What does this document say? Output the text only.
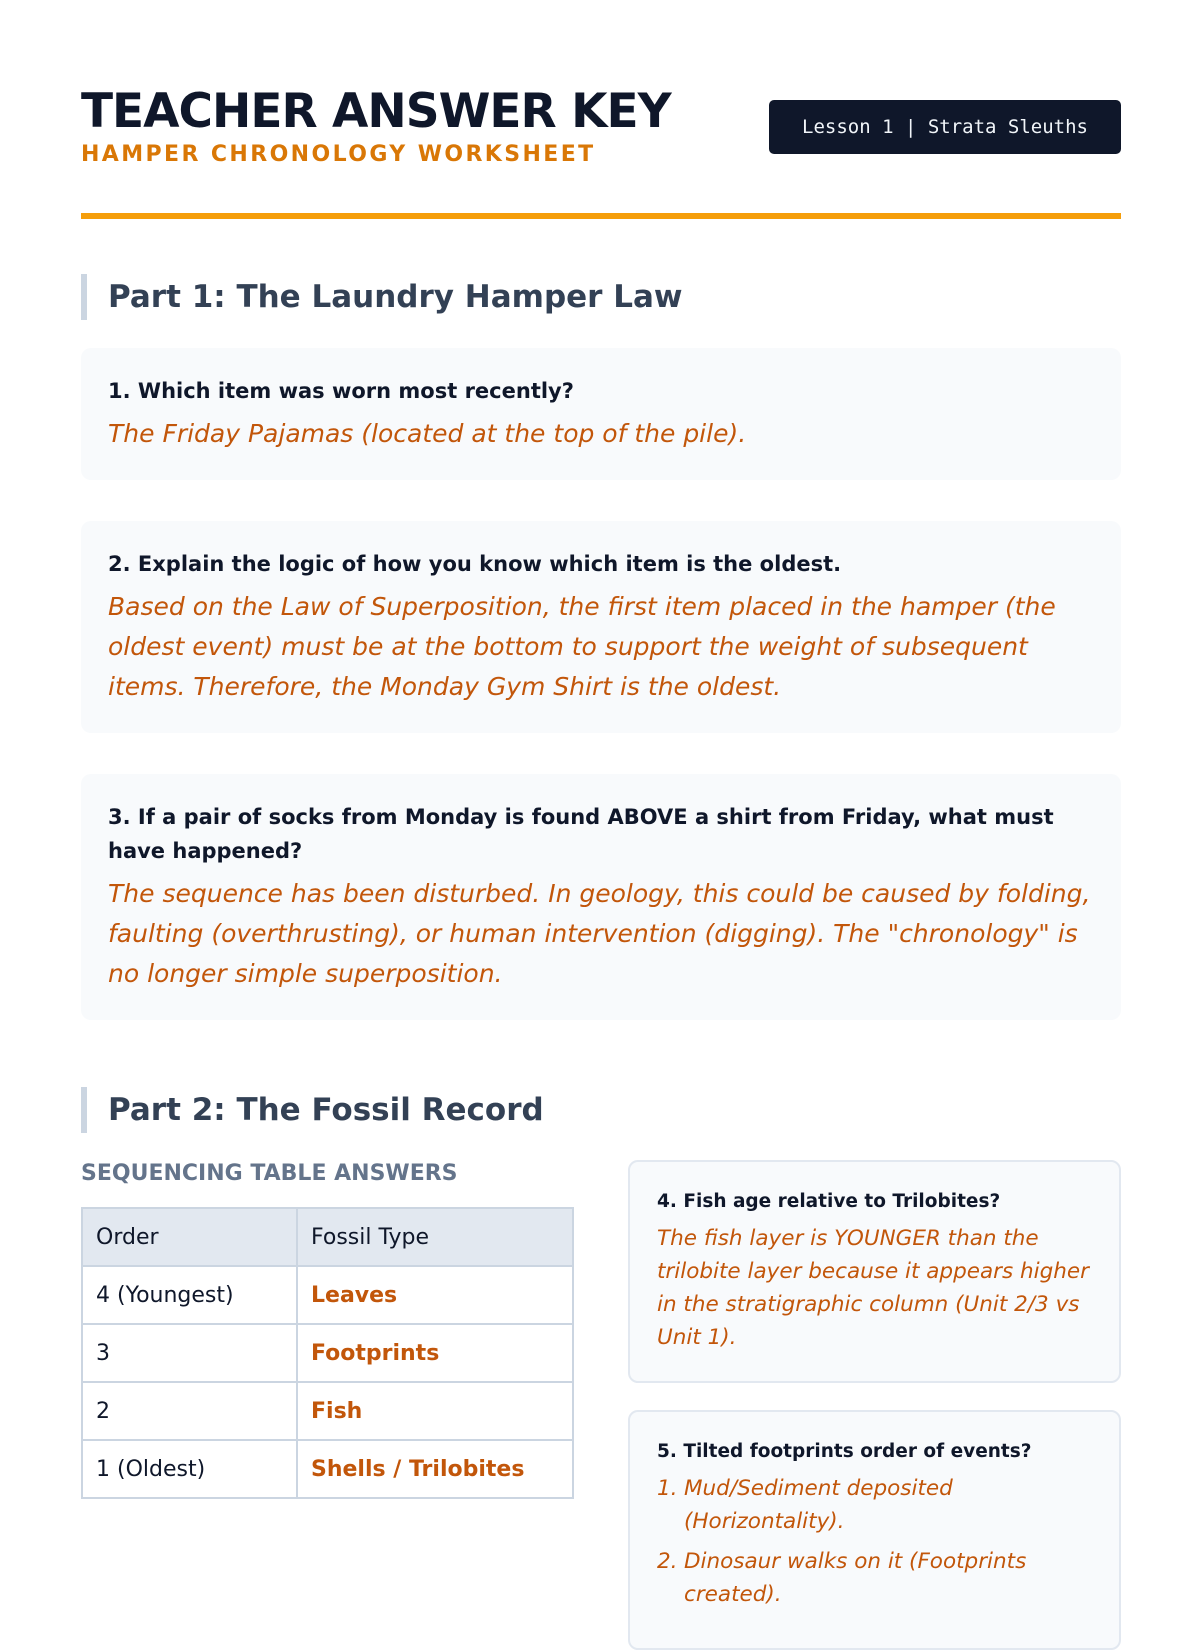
TEACHER ANSWER KEY
HAMPER CHRONOLOGY WORKSHEET
Lesson 1 | Strata Sleuths
Part 1: The Laundry Hamper Law

1. Which item was worn most recently?

The Friday Pajamas (located at the top of the pile).

2. Explain the logic of how you know which item is the oldest.

Based on the Law of Superposition, the first item placed in the hamper (the oldest event) must be at the bottom to support the weight of subsequent items. Therefore, the Monday Gym Shirt is the oldest.

3. If a pair of socks from Monday is found ABOVE a shirt from Friday, what must have happened?

The sequence has been disturbed. In geology, this could be caused by folding, faulting (overthrusting), or human intervention (digging). The "chronology" is no longer simple superposition.

Part 2: The Fossil Record
SEQUENCING TABLE ANSWERS
Order	Fossil Type
4 (Youngest)	Leaves
3	Footprints
2	Fish
1 (Oldest)	Shells / Trilobites

4. Fish age relative to Trilobites?

The fish layer is YOUNGER than the trilobite layer because it appears higher in the stratigraphic column (Unit 2/3 vs Unit 1).

5. Tilted footprints order of events?

1. Mud/Sediment deposited (Horizontality).
2. Dinosaur walks on it (Footprints created).
